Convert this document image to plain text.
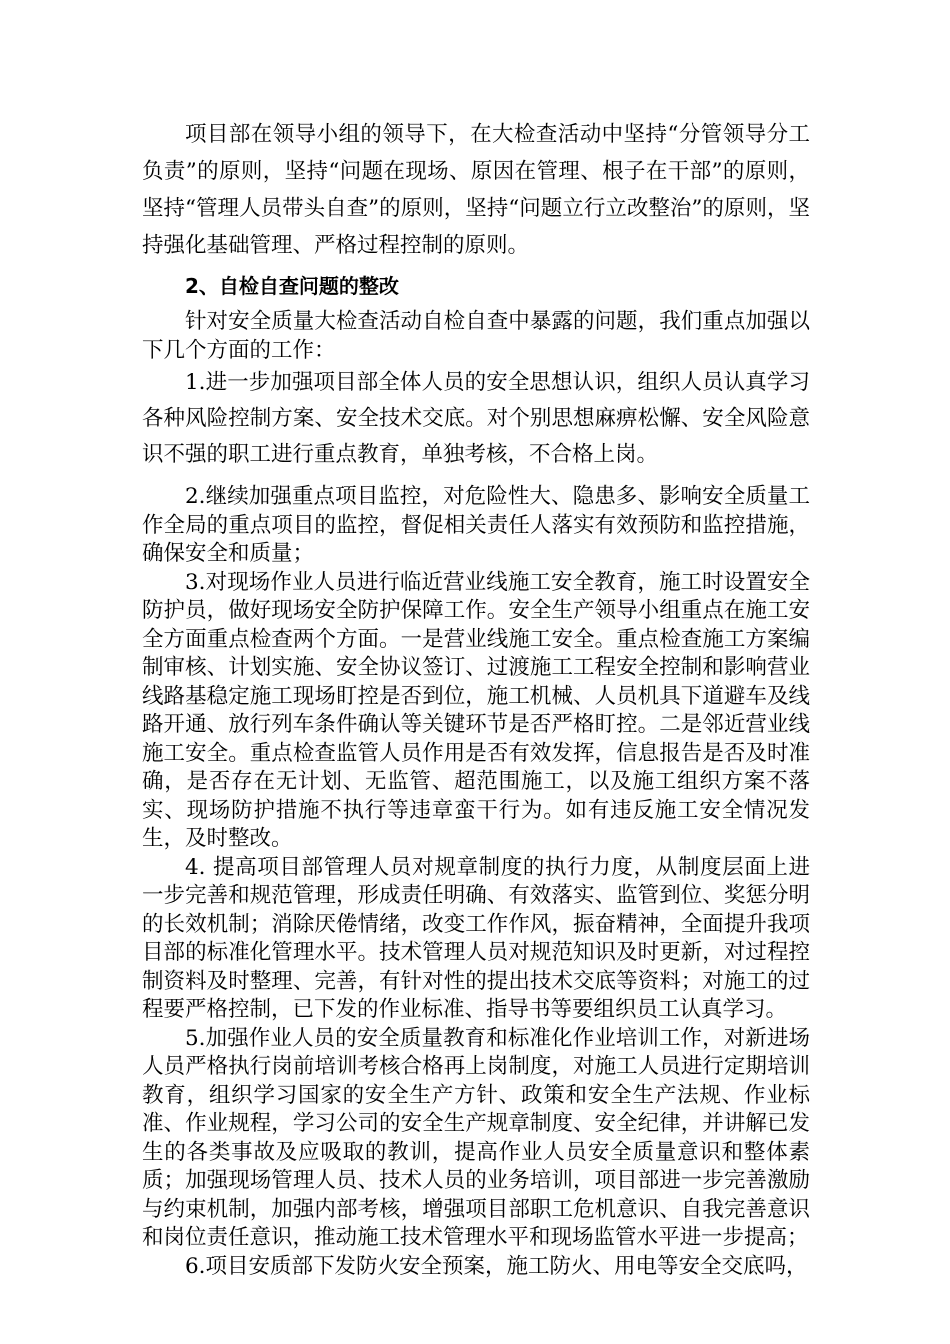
项目部在领导小组的领导下，在大检查活动中坚持“分管领导分工负责”的原则，坚持“问题在现场、原因在管理、根子在干部”的原则，坚持“管理人员带头自查”的原则，坚持“问题立行立改整治”的原则，坚持强化基础管理、严格过程控制的原则。

2、自检自查问题的整改

针对安全质量大检查活动自检自查中暴露的问题，我们重点加强以下几个方面的工作：

1.进一步加强项目部全体人员的安全思想认识，组织人员认真学习各种风险控制方案、安全技术交底。对个别思想麻痹松懈、安全风险意识不强的职工进行重点教育，单独考核，不合格上岗。

2.继续加强重点项目监控，对危险性大、隐患多、影响安全质量工作全局的重点项目的监控，督促相关责任人落实有效预防和监控措施，确保安全和质量；

3.对现场作业人员进行临近营业线施工安全教育，施工时设置安全防护员，做好现场安全防护保障工作。安全生产领导小组重点在施工安全方面重点检查两个方面。一是营业线施工安全。重点检查施工方案编制审核、计划实施、安全协议签订、过渡施工工程安全控制和影响营业线路基稳定施工现场盯控是否到位，施工机械、人员机具下道避车及线路开通、放行列车条件确认等关键环节是否严格盯控。二是邻近营业线施工安全。重点检查监管人员作用是否有效发挥，信息报告是否及时准确，是否存在无计划、无监管、超范围施工，以及施工组织方案不落实、现场防护措施不执行等违章蛮干行为。如有违反施工安全情况发生，及时整改。

4. 提高项目部管理人员对规章制度的执行力度，从制度层面上进一步完善和规范管理，形成责任明确、有效落实、监管到位、奖惩分明的长效机制；消除厌倦情绪，改变工作作风，振奋精神，全面提升我项目部的标准化管理水平。技术管理人员对规范知识及时更新，对过程控制资料及时整理、完善，有针对性的提出技术交底等资料；对施工的过程要严格控制，已下发的作业标准、指导书等要组织员工认真学习。

5.加强作业人员的安全质量教育和标准化作业培训工作，对新进场人员严格执行岗前培训考核合格再上岗制度，对施工人员进行定期培训教育，组织学习国家的安全生产方针、政策和安全生产法规、作业标准、作业规程，学习公司的安全生产规章制度、安全纪律，并讲解已发生的各类事故及应吸取的教训，提高作业人员安全质量意识和整体素质；加强现场管理人员、技术人员的业务培训，项目部进一步完善激励与约束机制，加强内部考核，增强项目部职工危机意识、自我完善意识和岗位责任意识，推动施工技术管理水平和现场监管水平进一步提高；

6.项目安质部下发防火安全预案，施工防火、用电等安全交底吗，
